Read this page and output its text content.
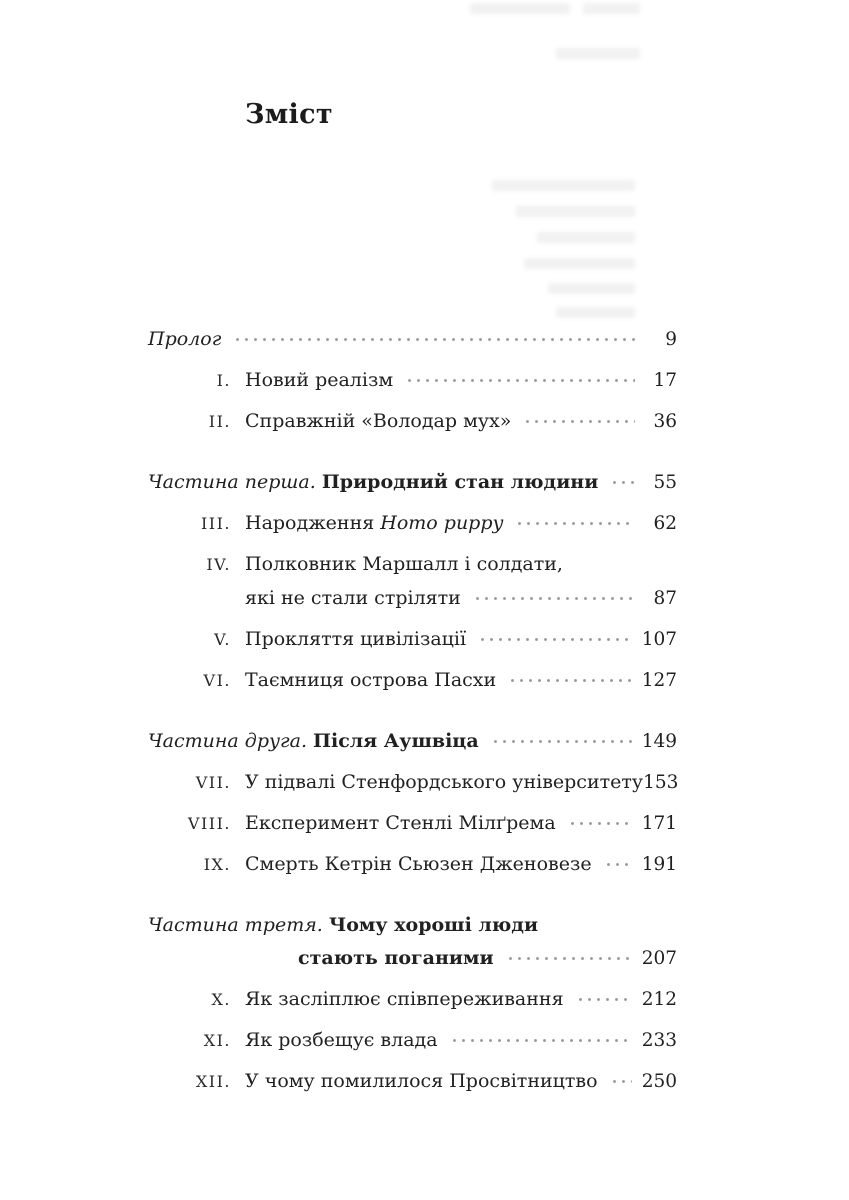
Зміст
Пролог	9
I. Новий реалізм	17
II. Справжній «Володар мух»	36
Частина перша. Природний стан людини	55
III. Народження Homo puppy	62
IV. Полковник Маршалл і солдати,
які не стали стріляти	87
V. Прокляття цивілізації	107
VI. Таємниця острова Пасхи	127
Частина друга. Після Аушвіца	149
VII. У підвалі Стенфордського університету 153
VIII. Експеримент Стенлі Мілґрема	171
IX. Смерть Кетрін Сьюзен Дженовезе	191
Частина третя. Чому хороші люди
стають поганими	207
X. Як засліплює співпереживання	212
XI. Як розбещує влада	233
XII. У чому помилилося Просвітництво 250
